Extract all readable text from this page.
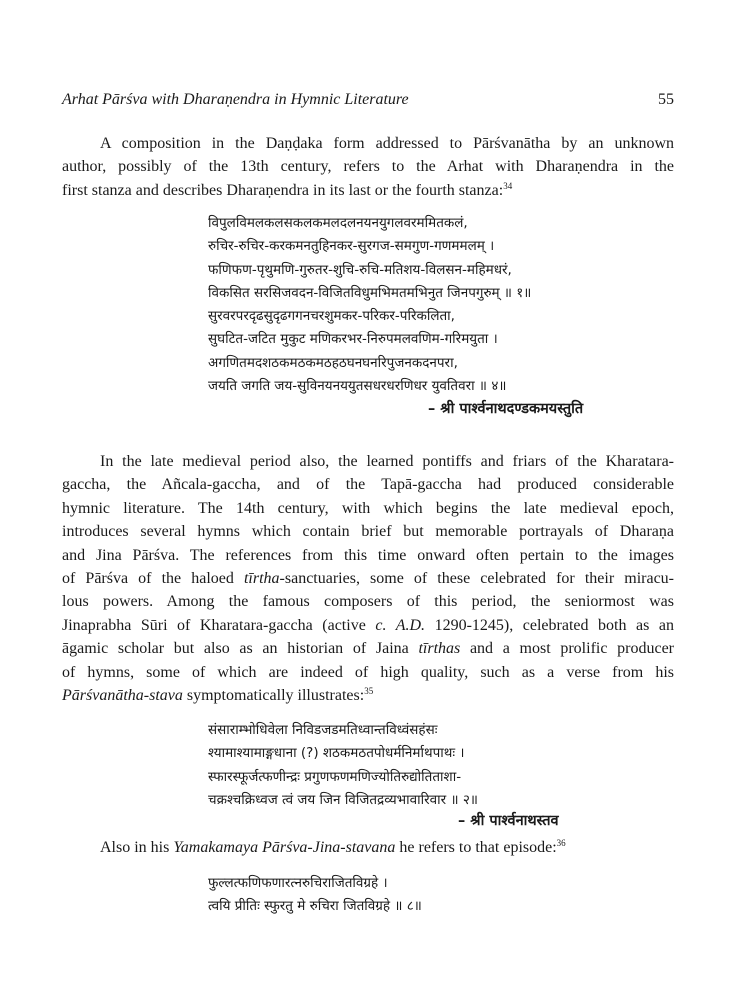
Arhat Pārśva with Dharaṇendra in Hymnic Literature	55
A composition in the Daṇḍaka form addressed to Pārśvanātha by an unknown
author, possibly of the 13th century, refers to the Arhat with Dharaṇendra in the
first stanza and describes Dharaṇendra in its last or the fourth stanza:$^{34}$
विपुलविमलकलसकलकमलदलनयनयुगलवरममितकलं,
रुचिर-रुचिर-करकमनतुहिनकर-सुरगज-समगुण-गणममलम् ।
फणिफण-पृथुमणि-गुरुतर-शुचि-रुचि-मतिशय-विलसन-महिमधरं,
विकसित सरसिजवदन-विजितविधुमभिमतमभिनुत जिनपगुरुम् ॥ १॥
सुरवरपरदृढसुदृढगगनचरशुमकर-परिकर-परिकलिता,
सुघटित-जटित मुकुट मणिकरभर-निरुपमलवणिम-गरिमयुता ।
अगणितमदशठकमठकमठहठघनघनरिपुजनकदनपरा,
जयति जगति जय-सुविनयनययुतसधरधरणिधर युवतिवरा ॥ ४॥
– श्री पार्श्वनाथदण्डकमयस्तुति
In the late medieval period also, the learned pontiffs and friars of the Kharatara-
gaccha, the Añcala-gaccha, and of the Tapā-gaccha had produced considerable
hymnic literature. The 14th century, with which begins the late medieval epoch,
introduces several hymns which contain brief but memorable portrayals of Dharaṇa
and Jina Pārśva. The references from this time onward often pertain to the images
of Pārśva of the haloed tīrtha-sanctuaries, some of these celebrated for their miracu-
lous powers. Among the famous composers of this period, the seniormost was
Jinaprabha Sūri of Kharatara-gaccha (active c. A.D. 1290-1245), celebrated both as an
āgamic scholar but also as an historian of Jaina tīrthas and a most prolific producer
of hymns, some of which are indeed of high quality, such as a verse from his
Pārśvanātha-stava symptomatically illustrates:$^{35}$
संसाराम्भोधिवेला निविडजडमतिध्वान्तविध्वंसहंसः
श्यामाश्यामाङ्गधाना (?) शठकमठतपोधर्मनिर्माथपाथः ।
स्फारस्फूर्जत्फणीन्द्रः प्रगुणफणमणिज्योतिरुद्योतिताशा-
चक्रश्चक्रिध्वज त्वं जय जिन विजितद्रव्यभावारिवार ॥ २॥
– श्री पार्श्वनाथस्तव
Also in his Yamakamaya Pārśva-Jina-stavana he refers to that episode:$^{36}$
फुल्लत्फणिफणारत्नरुचिराजितविग्रहे ।
त्वयि प्रीतिः स्फुरतु मे रुचिरा जितविग्रहे ॥ ८॥
